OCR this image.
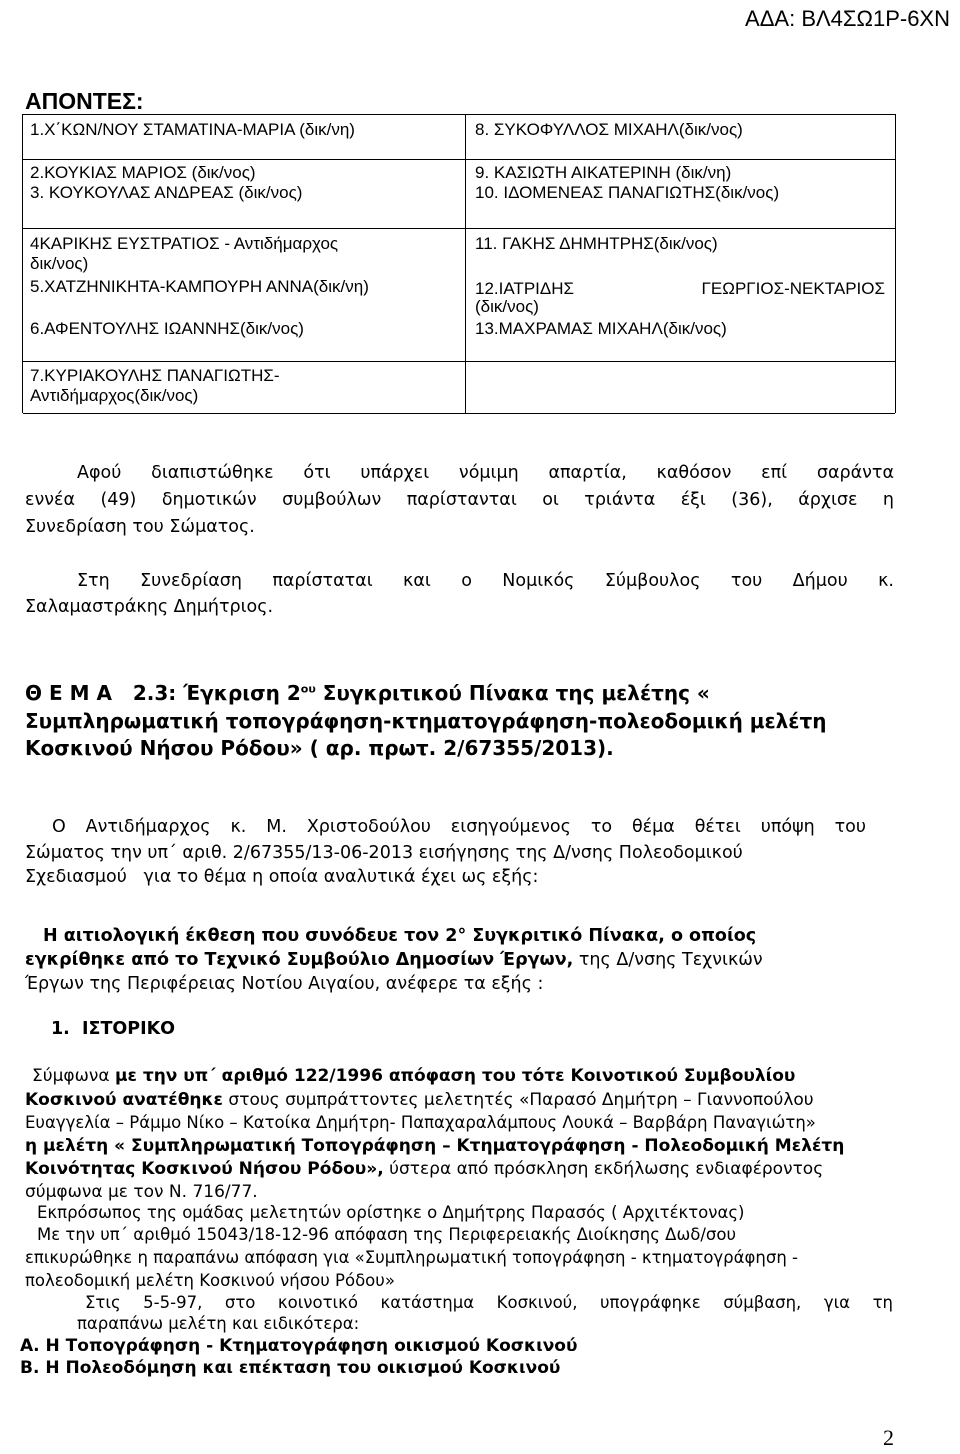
ΑΔΑ: ΒΛ4ΣΩ1Ρ-6ΧΝ
ΑΠΟΝΤΕΣ:
1.Χ΄ΚΩΝ/ΝΟΥ ΣΤΑΜΑΤΙΝΑ-ΜΑΡΙΑ (δικ/νη)	8. ΣΥΚΟΦΥΛΛΟΣ ΜΙΧΑΗΛ(δικ/νος)
2.ΚΟΥΚΙΑΣ ΜΑΡΙΟΣ (δικ/νος)
3. ΚΟΥΚΟΥΛΑΣ ΑΝΔΡΕΑΣ (δικ/νος)
9. ΚΑΣΙΩΤΗ ΑΙΚΑΤΕΡΙΝΗ (δικ/νη)
10. ΙΔΟΜΕΝΕΑΣ ΠΑΝΑΓΙΩΤΗΣ(δικ/νος)
4ΚΑΡΙΚΗΣ ΕΥΣΤΡΑΤΙΟΣ - Αντιδήμαρχος
δικ/νος)
5.ΧΑΤΖΗΝΙΚΗΤΑ-ΚΑΜΠΟΥΡΗ ΑΝΝΑ(δικ/νη)
6.ΑΦΕΝΤΟΥΛΗΣ ΙΩΑΝΝΗΣ(δικ/νος)
11. ΓΑΚΗΣ ΔΗΜΗΤΡΗΣ(δικ/νος)
12.ΙΑΤΡΙΔΗΣ	ΓΕΩΡΓΙΟΣ-ΝΕΚΤΑΡΙΟΣ
(δικ/νος)
13.ΜΑΧΡΑΜΑΣ ΜΙΧΑΗΛ(δικ/νος)
7.ΚΥΡΙΑΚΟΥΛΗΣ ΠΑΝΑΓΙΩΤΗΣ-
Αντιδήμαρχος(δικ/νος)
Αφού διαπιστώθηκε ότι υπάρχει νόμιμη απαρτία, καθόσον επί σαράντα
εννέα (49) δημοτικών συμβούλων παρίστανται οι τριάντα έξι (36), άρχισε η
Συνεδρίαση του Σώματος.
Στη Συνεδρίαση παρίσταται και ο Νομικός Σύμβουλος του Δήμου κ.
Σαλαμαστράκης Δημήτριος.
Θ Ε Μ Α   2.3: Έγκριση $2^{o\upsilon}$ Συγκριτικού Πίνακα της μελέτης «
Συμπληρωματική τοπογράφηση-κτηματογράφηση-πολεοδομική μελέτη
Κοσκινού Νήσου Ρόδου» ( αρ. πρωτ. 2/67355/2013).
Ο Αντιδήμαρχος κ. Μ. Χριστοδούλου εισηγούμενος το θέμα θέτει υπόψη του
Σώματος την υπ΄ αριθ. 2/67355/13-06-2013 εισήγησης της Δ/νσης Πολεοδομικού
Σχεδιασμού   για το θέμα η οποία αναλυτικά έχει ως εξής:
Η αιτιολογική έκθεση που συνόδευε τον 2° Συγκριτικό Πίνακα, ο οποίος
εγκρίθηκε από το Τεχνικό Συμβούλιο Δημοσίων Έργων, της Δ/νσης Τεχνικών
Έργων της Περιφέρειας Νοτίου Αιγαίου, ανέφερε τα εξής :
1.  ΙΣΤΟΡΙΚΟ
Σύμφωνα με την υπ΄ αριθμό 122/1996 απόφαση του τότε Κοινοτικού Συμβουλίου
Κοσκινού ανατέθηκε στους συμπράττοντες μελετητές «Παρασό Δημήτρη – Γιαννοπούλου
Ευαγγελία – Ράμμο Νίκο – Κατοίκα Δημήτρη- Παπαχαραλάμπους Λουκά – Βαρβάρη Παναγιώτη»
η μελέτη « Συμπληρωματική Τοπογράφηση – Κτηματογράφηση - Πολεοδομική Μελέτη
Κοινότητας Κοσκινού Νήσου Ρόδου», ύστερα από πρόσκληση εκδήλωσης ενδιαφέροντος
σύμφωνα με τον Ν. 716/77.
Εκπρόσωπος της ομάδας μελετητών ορίστηκε ο Δημήτρης Παρασός ( Αρχιτέκτονας)
Με την υπ΄ αριθμό 15043/18-12-96 απόφαση της Περιφερειακής Διοίκησης Δωδ/σου
επικυρώθηκε η παραπάνω απόφαση για «Συμπληρωματική τοπογράφηση - κτηματογράφηση -
πολεοδομική μελέτη Κοσκινού νήσου Ρόδου»
Στις 5-5-97, στο κοινοτικό κατάστημα Κοσκινού, υπογράφηκε σύμβαση, για τη
παραπάνω μελέτη και ειδικότερα:
Α. Η Τοπογράφηση - Κτηματογράφηση οικισμού Κοσκινού
Β. Η Πολεοδόμηση και επέκταση του οικισμού Κοσκινού
2
